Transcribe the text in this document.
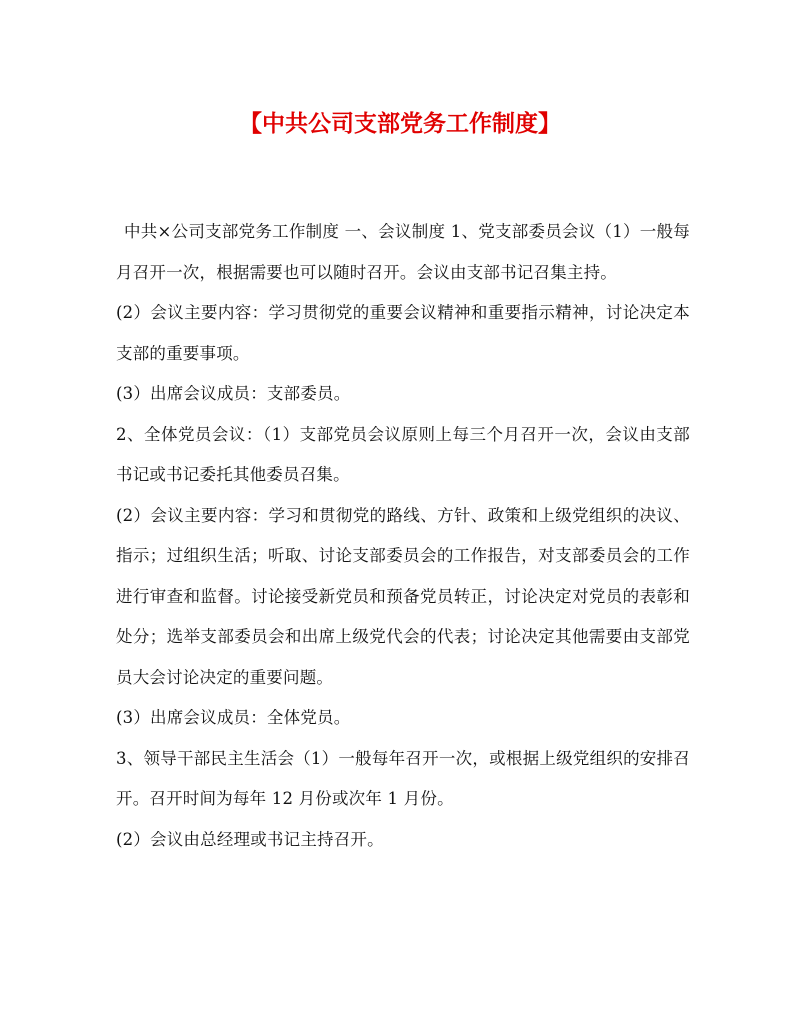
【中共公司支部党务工作制度】

中共×公司支部党务工作制度 一、会议制度 1、党支部委员会议（1）一般每月召开一次，根据需要也可以随时召开。会议由支部书记召集主持。

(2）会议主要内容：学习贯彻党的重要会议精神和重要指示精神，讨论决定本支部的重要事项。

(3）出席会议成员：支部委员。

2、全体党员会议：（1）支部党员会议原则上每三个月召开一次，会议由支部书记或书记委托其他委员召集。

(2）会议主要内容：学习和贯彻党的路线、方针、政策和上级党组织的决议、指示；过组织生活；听取、讨论支部委员会的工作报告，对支部委员会的工作进行审查和监督。讨论接受新党员和预备党员转正，讨论决定对党员的表彰和处分；选举支部委员会和出席上级党代会的代表；讨论决定其他需要由支部党员大会讨论决定的重要问题。

(3）出席会议成员：全体党员。

3、领导干部民主生活会（1）一般每年召开一次，或根据上级党组织的安排召开。召开时间为每年 12 月份或次年 1 月份。

(2）会议由总经理或书记主持召开。
